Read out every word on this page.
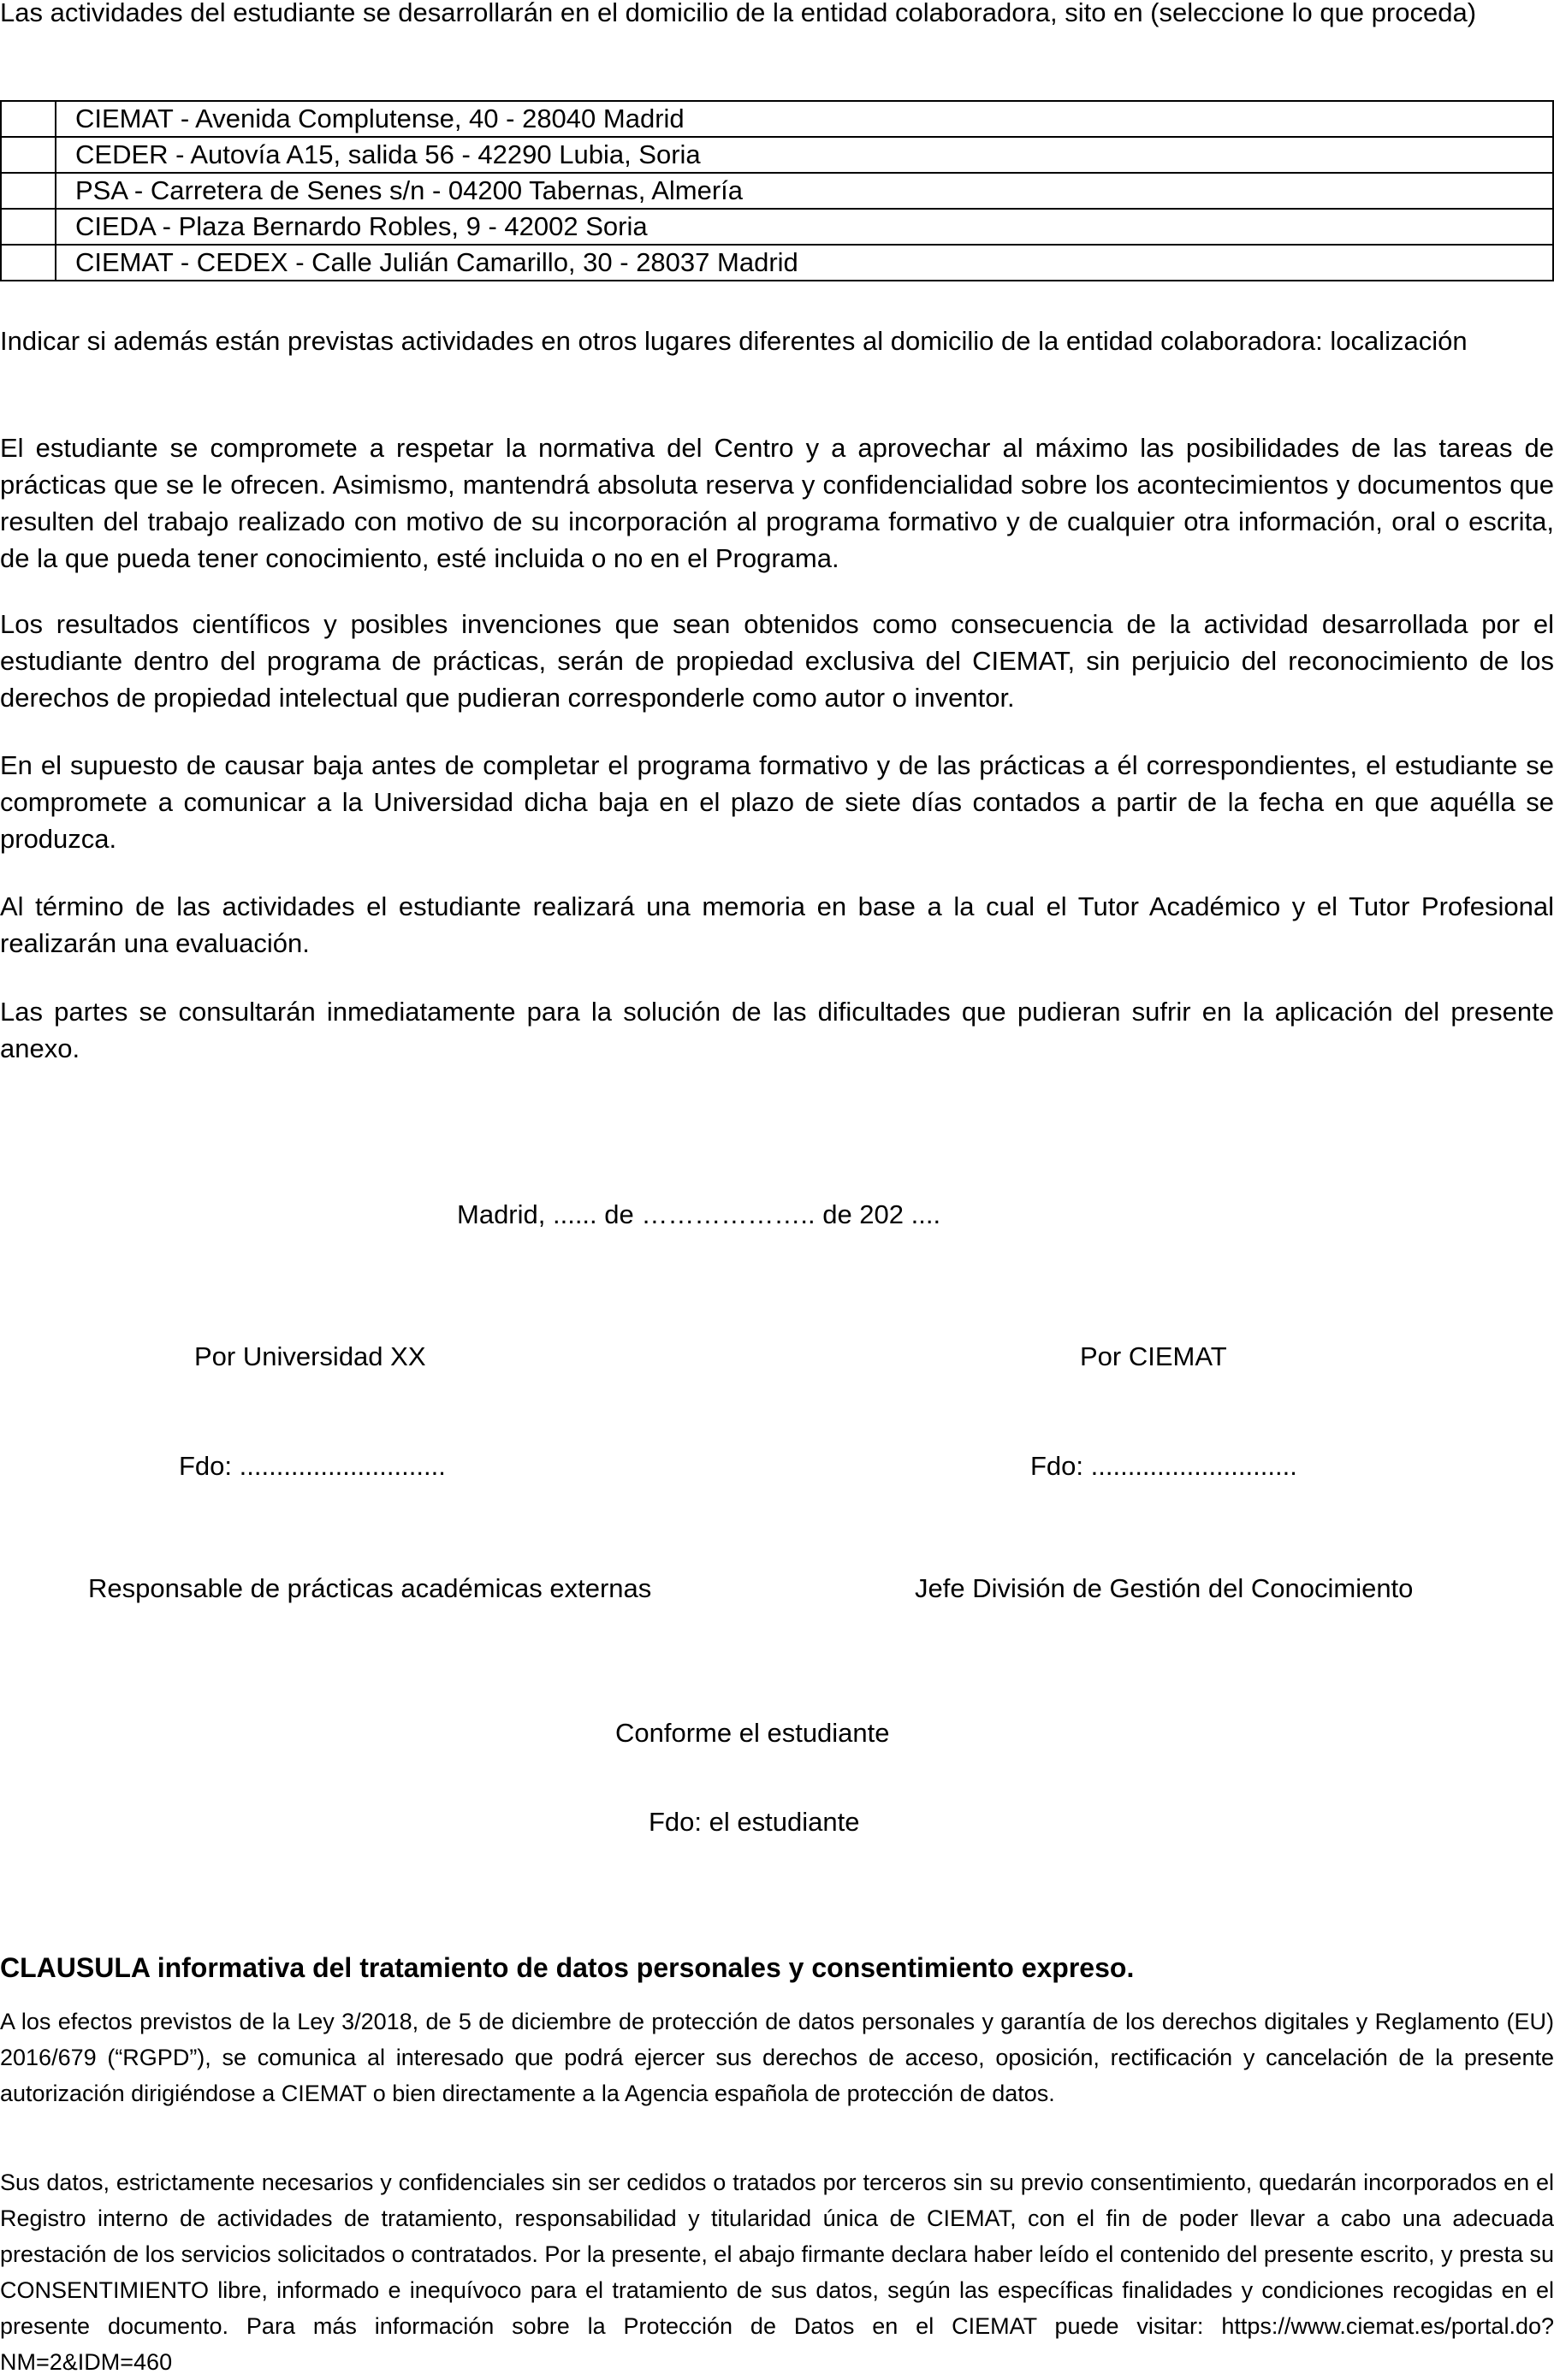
Las actividades del estudiante se desarrollarán en el domicilio de la entidad colaboradora, sito en (seleccione lo que proceda)

	CIEMAT - Avenida Complutense, 40 - 28040 Madrid
	CEDER - Autovía A15, salida 56 - 42290 Lubia, Soria
	PSA - Carretera de Senes s/n - 04200 Tabernas, Almería
	CIEDA - Plaza Bernardo Robles, 9 - 42002 Soria
	CIEMAT - CEDEX - Calle Julián Camarillo, 30 - 28037 Madrid

Indicar si además están previstas actividades en otros lugares diferentes al domicilio de la entidad colaboradora: localización

El estudiante se compromete a respetar la normativa del Centro y a aprovechar al máximo las posibilidades de las tareas de prácticas que se le ofrecen. Asimismo, mantendrá absoluta reserva y confidencialidad sobre los acontecimientos y documentos que resulten del trabajo realizado con motivo de su incorporación al programa formativo y de cualquier otra información, oral o escrita, de la que pueda tener conocimiento, esté incluida o no en el Programa.

Los resultados científicos y posibles invenciones que sean obtenidos como consecuencia de la actividad desarrollada por el estudiante dentro del programa de prácticas, serán de propiedad exclusiva del CIEMAT, sin perjuicio del reconocimiento de los derechos de propiedad intelectual que pudieran corresponderle como autor o inventor.

En el supuesto de causar baja antes de completar el programa formativo y de las prácticas a él correspondientes, el estudiante se compromete a comunicar a la Universidad dicha baja en el plazo de siete días contados a partir de la fecha en que aquélla se produzca.

Al término de las actividades el estudiante realizará una memoria en base a la cual el Tutor Académico y el Tutor Profesional realizarán una evaluación.

Las partes se consultarán inmediatamente para la solución de las dificultades que pudieran sufrir en la aplicación del presente anexo.

Madrid, ...... de ……………….. de 202 ....
Por Universidad XX	Por CIEMAT
Fdo: ............................	Fdo: ............................
Responsable de prácticas académicas externas	Jefe División de Gestión del Conocimiento
Conforme el estudiante
Fdo: el estudiante
CLAUSULA informativa del tratamiento de datos personales y consentimiento expreso.

A los efectos previstos de la Ley 3/2018, de 5 de diciembre de protección de datos personales y garantía de los derechos digitales y Reglamento (EU) 2016/679 (“RGPD”), se comunica al interesado que podrá ejercer sus derechos de acceso, oposición, rectificación y cancelación de la presente autorización dirigiéndose a CIEMAT o bien directamente a la Agencia española de protección de datos.

Sus datos, estrictamente necesarios y confidenciales sin ser cedidos o tratados por terceros sin su previo consentimiento, quedarán incorporados en el Registro interno de actividades de tratamiento, responsabilidad y titularidad única de CIEMAT, con el fin de poder llevar a cabo una adecuada prestación de los servicios solicitados o contratados. Por la presente, el abajo firmante declara haber leído el contenido del presente escrito, y presta su CONSENTIMIENTO libre, informado e inequívoco para el tratamiento de sus datos, según las específicas finalidades y condiciones recogidas en el presente documento. Para más información sobre la Protección de Datos en el CIEMAT puede visitar: https://www.ciemat.es/portal.do?NM=2&IDM=460
